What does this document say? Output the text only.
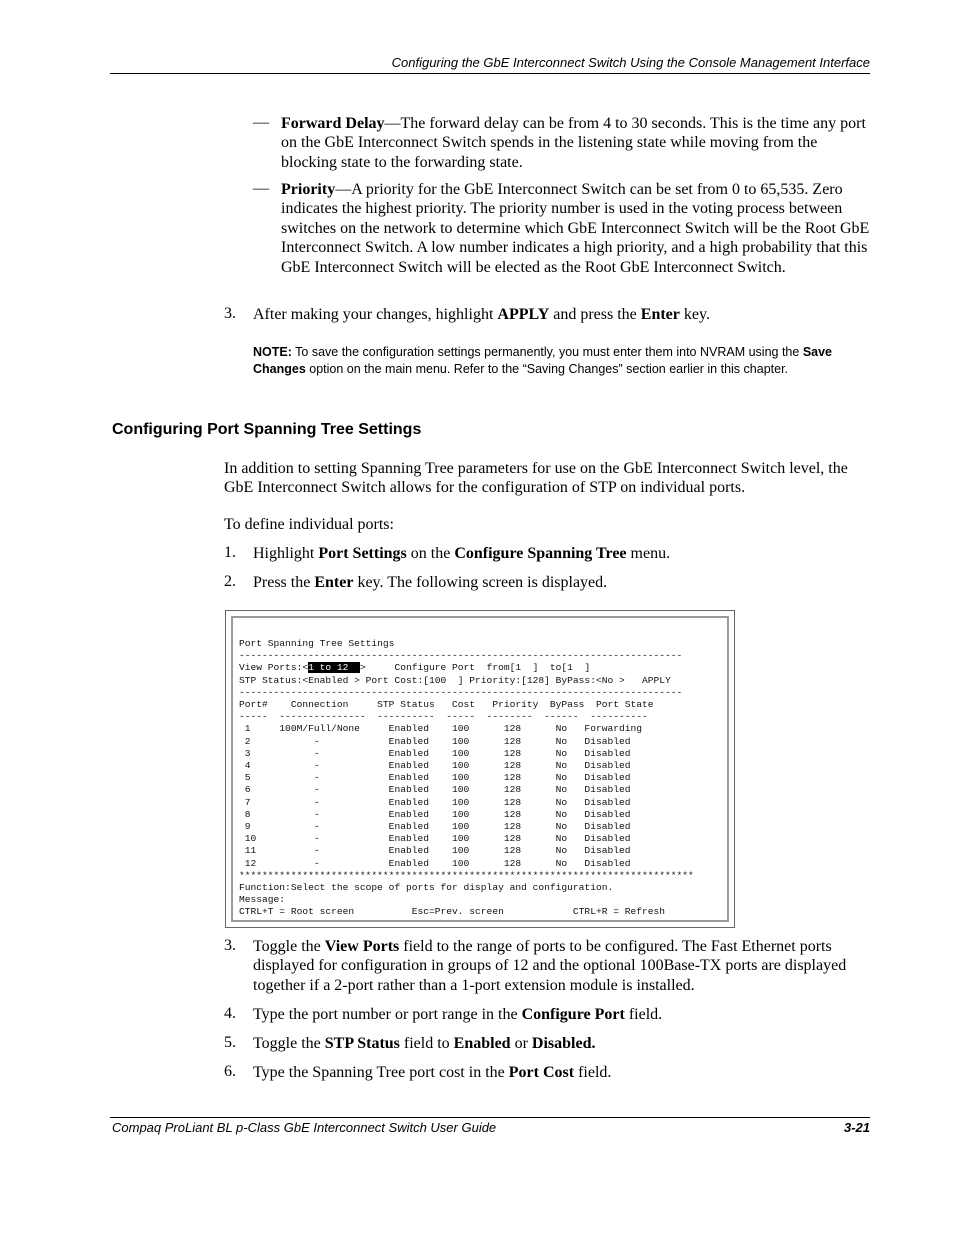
Configuring the GbE Interconnect Switch Using the Console Management Interface
— Forward Delay—The forward delay can be from 4 to 30 seconds. This is the time any port on the GbE Interconnect Switch spends in the listening state while moving from the blocking state to the forwarding state.
— Priority—A priority for the GbE Interconnect Switch can be set from 0 to 65,535. Zero indicates the highest priority. The priority number is used in the voting process between switches on the network to determine which GbE Interconnect Switch will be the Root GbE Interconnect Switch. A low number indicates a high priority, and a high probability that this GbE Interconnect Switch will be elected as the Root GbE Interconnect Switch.
3. After making your changes, highlight APPLY and press the Enter key.
NOTE: To save the configuration settings permanently, you must enter them into NVRAM using the Save Changes option on the main menu. Refer to the “Saving Changes” section earlier in this chapter.
Configuring Port Spanning Tree Settings
In addition to setting Spanning Tree parameters for use on the GbE Interconnect Switch level, the GbE Interconnect Switch allows for the configuration of STP on individual ports.
To define individual ports:
1. Highlight Port Settings on the Configure Spanning Tree menu.
2. Press the Enter key. The following screen is displayed.
Port Spanning Tree Settings
-----------------------------------------------------------------------------
View Ports:<1 to 12  >     Configure Port  from[1  ]  to[1  ]
STP Status:<Enabled > Port Cost:[100  ] Priority:[128] ByPass:<No >   APPLY
-----------------------------------------------------------------------------
Port#    Connection     STP Status   Cost   Priority  ByPass  Port State
-----  ---------------  ----------  -----  --------  ------  ----------
1     100M/Full/None     Enabled    100      128      No   Forwarding
2           -            Enabled    100      128      No   Disabled
3           -            Enabled    100      128      No   Disabled
4           -            Enabled    100      128      No   Disabled
5           -            Enabled    100      128      No   Disabled
6           -            Enabled    100      128      No   Disabled
7           -            Enabled    100      128      No   Disabled
8           -            Enabled    100      128      No   Disabled
9           -            Enabled    100      128      No   Disabled
10          -            Enabled    100      128      No   Disabled
11          -            Enabled    100      128      No   Disabled
12          -            Enabled    100      128      No   Disabled
*******************************************************************************
Function:Select the scope of ports for display and configuration.
Message:
CTRL+T = Root screen          Esc=Prev. screen            CTRL+R = Refresh
3. Toggle the View Ports field to the range of ports to be configured. The Fast Ethernet ports displayed for configuration in groups of 12 and the optional 100Base-TX ports are displayed together if a 2-port rather than a 1-port extension module is installed.
4. Type the port number or port range in the Configure Port field.
5. Toggle the STP Status field to Enabled or Disabled.
6. Type the Spanning Tree port cost in the Port Cost field.
Compaq ProLiant BL p-Class GbE Interconnect Switch User Guide	3-21
